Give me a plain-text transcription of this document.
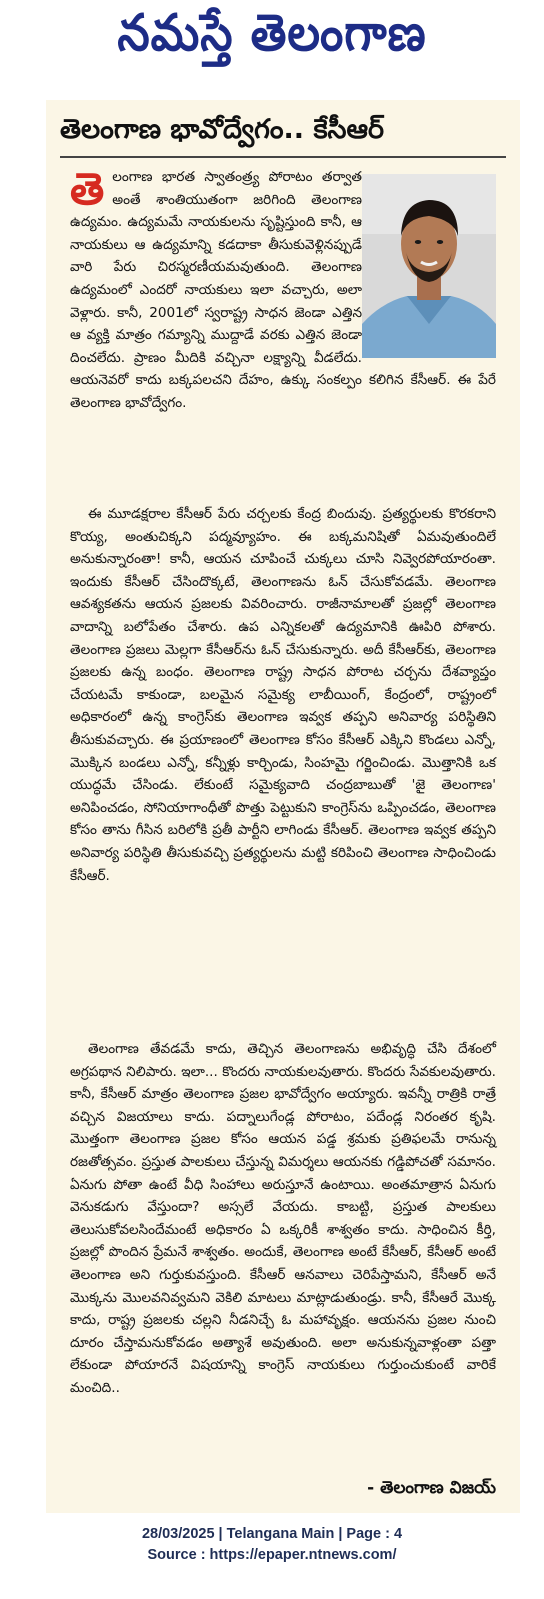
నమస్తే తెలంగాణ
తెలంగాణ భావోద్వేగం.. కేసీఆర్
తెలంగాణ భారత స్వాతంత్ర్య పోరాటం తర్వాత అంతే శాంతియుతంగా జరిగింది తెలంగాణ ఉద్యమం. ఉద్యమమే నాయకులను సృష్టిస్తుంది కానీ, ఆ నాయకులు ఆ ఉద్యమాన్ని కడదాకా తీసుకువెళ్లినప్పుడే వారి పేరు చిరస్మరణీయమవుతుంది. తెలంగాణ ఉద్యమంలో ఎందరో నాయకులు ఇలా వచ్చారు, అలా వెళ్లారు. కానీ, 2001లో స్వరాష్ట్ర సాధన జెండా ఎత్తిన ఆ వ్యక్తి మాత్రం గమ్యాన్ని ముద్దాడే వరకు ఎత్తిన జెండా దించలేదు. ప్రాణం మీదికి వచ్చినా లక్ష్యాన్ని వీడలేదు. ఆయనెవరో కాదు బక్కపలచని దేహం, ఉక్కు సంకల్పం కలిగిన కేసీఆర్. ఈ పేరే తెలంగాణ భావోద్వేగం.
ఈ మూడక్షరాల కేసీఆర్ పేరు చర్చలకు కేంద్ర బిందువు. ప్రత్యర్థులకు కొరకరాని కొయ్య, అంతుచిక్కని పద్మవ్యూహం. ఈ బక్కమనిషితో ఏమవుతుందిలే అనుకున్నారంతా! కానీ, ఆయన చూపించే చుక్కలు చూసి నివ్వెరపోయారంతా. ఇందుకు కేసీఆర్ చేసిందొక్కటే, తెలంగాణను ఓన్ చేసుకోవడమే. తెలంగాణ ఆవశ్యకతను ఆయన ప్రజలకు వివరించారు. రాజీనామాలతో ప్రజల్లో తెలంగాణ వాదాన్ని బలోపేతం చేశారు. ఉప ఎన్నికలతో ఉద్యమానికి ఊపిరి పోశారు. తెలంగాణ ప్రజలు మెల్లగా కేసీఆర్‌ను ఓన్ చేసుకున్నారు. అదీ కేసీఆర్‌కు, తెలంగాణ ప్రజలకు ఉన్న బంధం. తెలంగాణ రాష్ట్ర సాధన పోరాట చర్చను దేశవ్యాప్తం చేయటమే కాకుండా, బలమైన సమైక్య లాబీయింగ్, కేంద్రంలో, రాష్ట్రంలో అధికారంలో ఉన్న కాంగ్రెస్‌కు తెలంగాణ ఇవ్వక తప్పని అనివార్య పరిస్థితిని తీసుకువచ్చారు. ఈ ప్రయాణంలో తెలంగాణ కోసం కేసీఆర్ ఎక్కిని కొండలు ఎన్నో, మొక్కిన బండలు ఎన్నో, కన్నీళ్లు కార్చిండు, సింహమై గర్జించిండు. మొత్తానికి ఒక యుద్ధమే చేసిండు. లేకుంటే సమైక్యవాది చంద్రబాబుతో 'జై తెలంగాణ' అనిపించడం, సోనియాగాంధీతో పొత్తు పెట్టుకుని కాంగ్రెస్‌ను ఒప్పించడం, తెలంగాణ కోసం తాను గీసిన బరిలోకి ప్రతీ పార్టీని లాగిండు కేసీఆర్. తెలంగాణ ఇవ్వక తప్పని అనివార్య పరిస్థితి తీసుకువచ్చి ప్రత్యర్థులను మట్టి కరిపించి తెలంగాణ సాధించిండు కేసీఆర్.
తెలంగాణ తేవడమే కాదు, తెచ్చిన తెలంగాణను అభివృద్ధి చేసి దేశంలో అగ్రపథాన నిలిపారు. ఇలా... కొందరు నాయకులవుతారు. కొందరు సేవకులవుతారు. కానీ, కేసీఆర్ మాత్రం తెలంగాణ ప్రజల భావోద్వేగం అయ్యారు. ఇవన్నీ రాత్రికి రాత్రే వచ్చిన విజయాలు కాదు. పద్నాలుగేండ్ల పోరాటం, పదేండ్ల నిరంతర కృషి. మొత్తంగా తెలంగాణ ప్రజల కోసం ఆయన పడ్డ శ్రమకు ప్రతిఫలమే రానున్న రజతోత్సవం. ప్రస్తుత పాలకులు చేస్తున్న విమర్శలు ఆయనకు గడ్డిపోచతో సమానం. ఏనుగు పోతా ఉంటే వీధి సింహాలు అరుస్తూనే ఉంటాయి. అంతమాత్రాన ఏనుగు వెనుకడుగు వేస్తుందా? అస్సలే వేయదు. కాబట్టి, ప్రస్తుత పాలకులు తెలుసుకోవలసిందేమంటే అధికారం ఏ ఒక్కరికీ శాశ్వతం కాదు. సాధించిన కీర్తి, ప్రజల్లో పొందిన ప్రేమనే శాశ్వతం. అందుకే, తెలంగాణ అంటే కేసీఆర్, కేసీఆర్ అంటే తెలంగాణ అని గుర్తుకువస్తుంది. కేసీఆర్ ఆనవాలు చెరిపేస్తామని, కేసీఆర్ అనే మొక్కను మొలవనివ్వమని వెకిలి మాటలు మాట్లాడుతుండ్రు. కానీ, కేసీఆరే మొక్క కాదు, రాష్ట్ర ప్రజలకు చల్లని నీడనిచ్చే ఓ మహావృక్షం. ఆయనను ప్రజల నుంచి దూరం చేస్తామనుకోవడం అత్యాశే అవుతుంది. అలా అనుకున్నవాళ్లంతా పత్తా లేకుండా పోయారనే విషయాన్ని కాంగ్రెస్ నాయకులు గుర్తుంచుకుంటే వారికే మంచిది..
- తెలంగాణ విజయ్
28/03/2025 | Telangana Main | Page : 4
Source : https://epaper.ntnews.com/
